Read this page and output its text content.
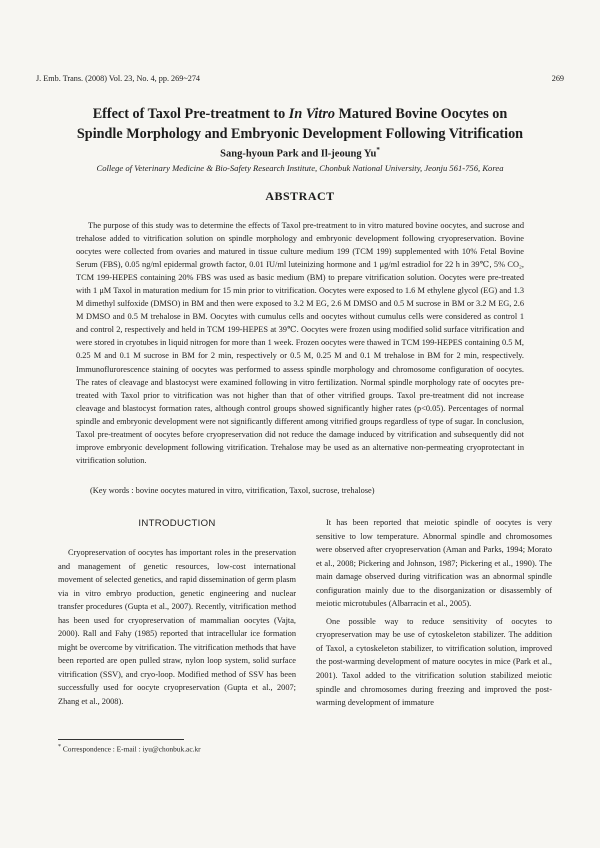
J. Emb. Trans. (2008) Vol. 23, No. 4, pp. 269~274	269
Effect of Taxol Pre-treatment to In Vitro Matured Bovine Oocytes on
Spindle Morphology and Embryonic Development Following Vitrification
Sang-hyoun Park and Il-jeoung Yu*
College of Veterinary Medicine & Bio-Safety Research Institute, Chonbuk National University, Jeonju 561-756, Korea
ABSTRACT
The purpose of this study was to determine the effects of Taxol pre-treatment to in vitro matured bovine oocytes, and sucrose and trehalose added to vitrification solution on spindle morphology and embryonic development following cryopreservation. Bovine oocytes were collected from ovaries and matured in tissue culture medium 199 (TCM 199) supplemented with 10% Fetal Bovine Serum (FBS), 0.05 ng/ml epidermal growth factor, 0.01 IU/ml luteinizing hormone and 1 μg/ml estradiol for 22 h in 39℃, 5% CO₂, TCM 199-HEPES containing 20% FBS was used as basic medium (BM) to prepare vitrification solution. Oocytes were pre-treated with 1 μM Taxol in maturation medium for 15 min prior to vitrification. Oocytes were exposed to 1.6 M ethylene glycol (EG) and 1.3 M dimethyl sulfoxide (DMSO) in BM and then were exposed to 3.2 M EG, 2.6 M DMSO and 0.5 M sucrose in BM or 3.2 M EG, 2.6 M DMSO and 0.5 M trehalose in BM. Oocytes with cumulus cells and oocytes without cumulus cells were considered as control 1 and control 2, respectively and held in TCM 199-HEPES at 39℃. Oocytes were frozen using modified solid surface vitrification and were stored in cryotubes in liquid nitrogen for more than 1 week. Frozen oocytes were thawed in TCM 199-HEPES containing 0.5 M, 0.25 M and 0.1 M sucrose in BM for 2 min, respectively or 0.5 M, 0.25 M and 0.1 M trehalose in BM for 2 min, respectively. Immunoflurorescence staining of oocytes was performed to assess spindle morphology and chromosome configuration of oocytes. The rates of cleavage and blastocyst were examined following in vitro fertilization. Normal spindle morphology rate of oocytes pre-treated with Taxol prior to vitrification was not higher than that of other vitrified groups. Taxol pre-treatment did not increase cleavage and blastocyst formation rates, although control groups showed significantly higher rates (p<0.05). Percentages of normal spindle and embryonic development were not significantly different among vitrified groups regardless of type of sugar. In conclusion, Taxol pre-treatment of oocytes before cryopreservation did not reduce the damage induced by vitrification and subsequently did not improve embryonic development following vitrification. Trehalose may be used as an alternative non-permeating cryoprotectant in vitrification solution.
(Key words : bovine oocytes matured in vitro, vitrification, Taxol, sucrose, trehalose)
INTRODUCTION

Cryopreservation of oocytes has important roles in the preservation and management of genetic resources, low-cost international movement of selected genetics, and rapid dissemination of germ plasm via in vitro embryo production, genetic engineering and nuclear transfer procedures (Gupta et al., 2007). Recently, vitrification method has been used for cryopreservation of mammalian oocytes (Vajta, 2000). Rall and Fahy (1985) reported that intracellular ice formation might be overcome by vitrification. The vitrification methods that have been reported are open pulled straw, nylon loop system, solid surface vitrification (SSV), and cryo-loop. Modified method of SSV has been successfully used for oocyte cryopreservation (Gupta et al., 2007; Zhang et al., 2008).

It has been reported that meiotic spindle of oocytes is very sensitive to low temperature. Abnormal spindle and chromosomes were observed after cryopreservation (Aman and Parks, 1994; Morato et al., 2008; Pickering and Johnson, 1987; Pickering et al., 1990). The main damage observed during vitrification was an abnormal spindle configuration mainly due to the disorganization or disassembly of meiotic microtubules (Albarracin et al., 2005).

One possible way to reduce sensitivity of oocytes to cryopreservation may be use of cytoskeleton stabilizer. The addition of Taxol, a cytoskeleton stabilizer, to vitrification solution, improved the post-warming development of mature oocytes in mice (Park et al., 2001). Taxol added to the vitrification solution stabilized meiotic spindle and chromosomes during freezing and improved the post-warming development of immature

* Correspondence : E-mail : iyu@chonbuk.ac.kr
